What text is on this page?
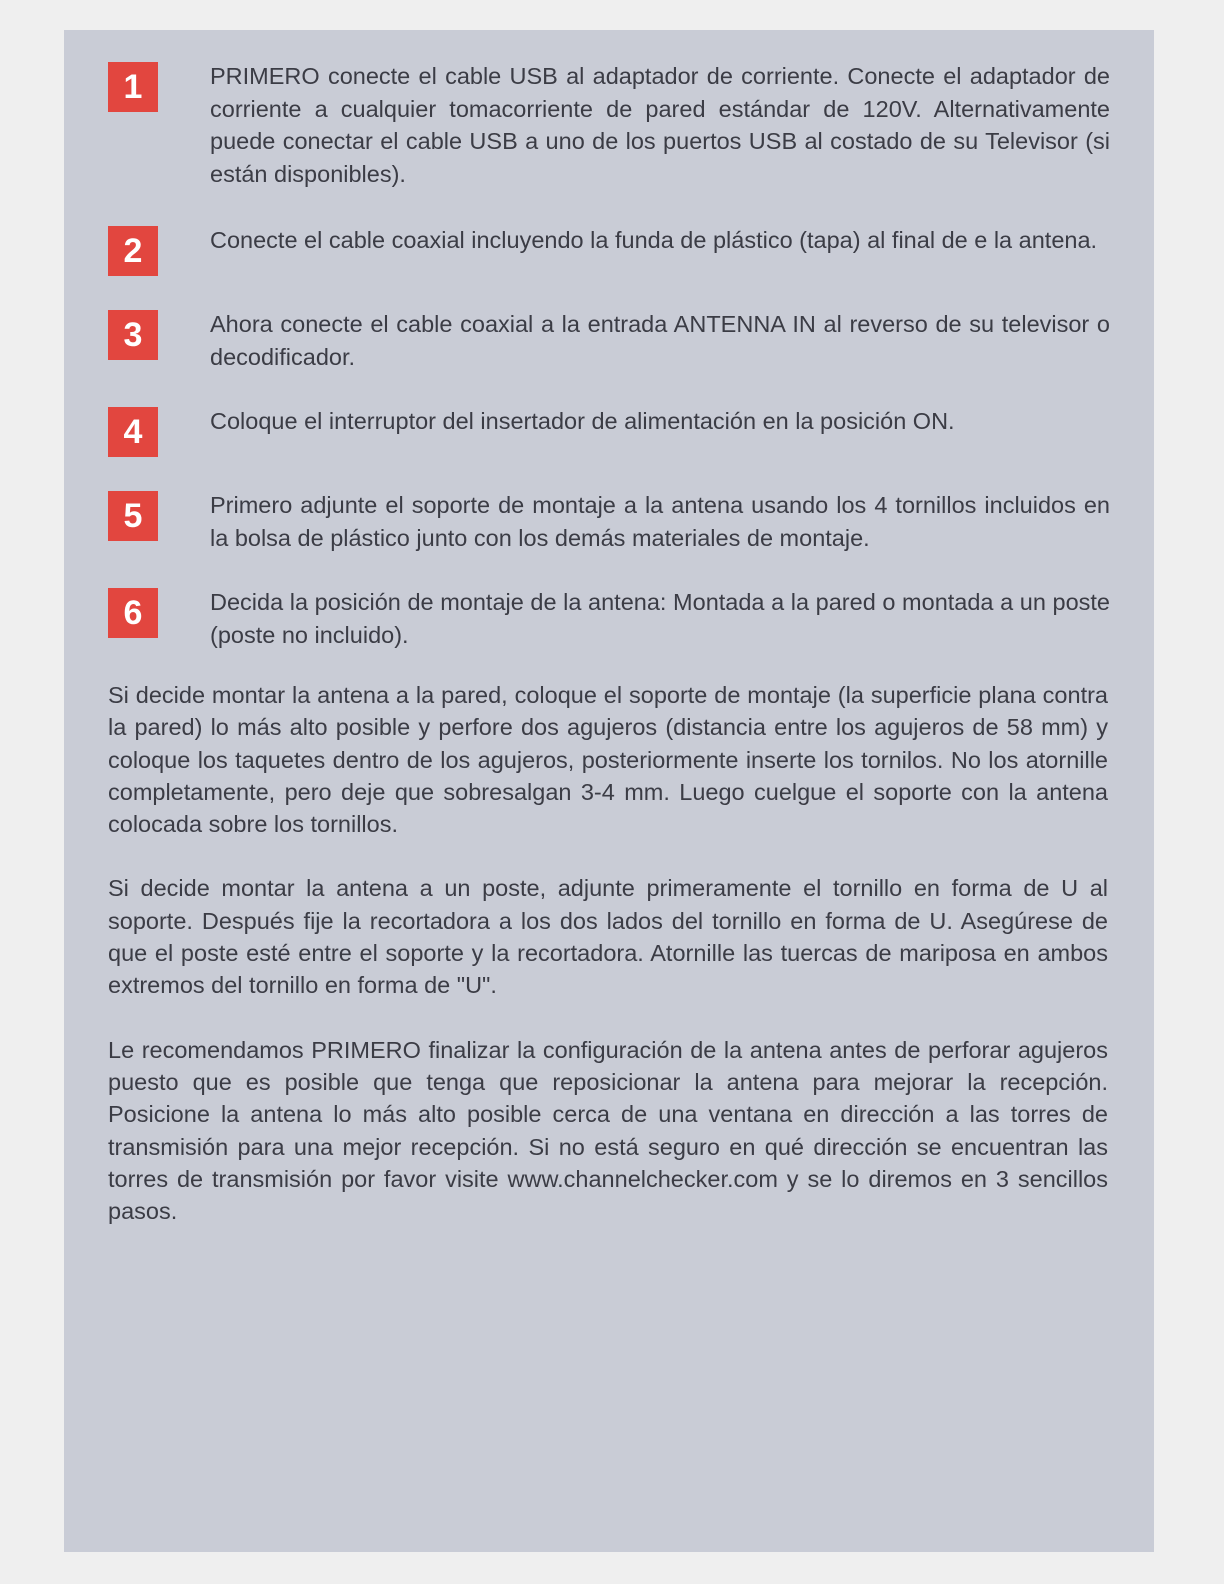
1	PRIMERO conecte el cable USB al adaptador de corriente. Conecte el adaptador de corriente a cualquier tomacorriente de pared estándar de 120V. Alternativamente puede conectar el cable USB a uno de los puertos USB al costado de su Televisor (si están disponibles).
2	Conecte el cable coaxial incluyendo la funda de plástico (tapa) al final de e la antena.
3	Ahora conecte el cable coaxial a la entrada ANTENNA IN al reverso de su televisor o decodificador.
4	Coloque el interruptor del insertador de alimentación en la posición ON.
5	Primero adjunte el soporte de montaje a la antena usando los 4 tornillos incluidos en la bolsa de plástico junto con los demás materiales de montaje.
6	Decida la posición de montaje de la antena: Montada a la pared o montada a un poste (poste no incluido).

Si decide montar la antena a la pared, coloque el soporte de montaje (la superficie plana contra la pared) lo más alto posible y perfore dos agujeros (distancia entre los agujeros de 58 mm) y coloque los taquetes dentro de los agujeros, posteriormente inserte los tornilos. No los atornille completamente, pero deje que sobresalgan 3-4 mm. Luego cuelgue el soporte con la antena colocada sobre los tornillos.

Si decide montar la antena a un poste, adjunte primeramente el tornillo en forma de U al soporte. Después fije la recortadora a los dos lados del tornillo en forma de U. Asegúrese de que el poste esté entre el soporte y la recortadora. Atornille las tuercas de mariposa en ambos extremos del tornillo en forma de "U".

Le recomendamos PRIMERO finalizar la configuración de la antena antes de perforar agujeros puesto que es posible que tenga que reposicionar la antena para mejorar la recepción. Posicione la antena lo más alto posible cerca de una ventana en dirección a las torres de transmisión para una mejor recepción. Si no está seguro en qué dirección se encuentran las torres de transmisión por favor visite www.channelchecker.com y se lo diremos en 3 sencillos pasos.
